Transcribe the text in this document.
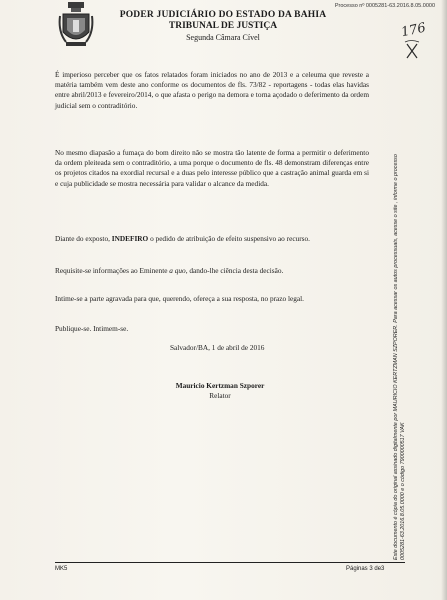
Processo nº 0005281-63.2016.8.05.0000
PODER JUDICIÁRIO DO ESTADO DA BAHIA
TRIBUNAL DE JUSTIÇA
Segunda Câmara Cível	176
É imperioso perceber que os fatos relatados foram iniciados no ano de 2013 e a celeuma que reveste a matéria também vem deste ano conforme os documentos de fls. 73/82 - reportagens - todas elas havidas entre abril/2013 e fevereiro/2014, o que afasta o perigo na demora e torna açodado o deferimento da ordem judicial sem o contraditório.
No mesmo diapasão a fumaça do bom direito não se mostra tão latente de forma a permitir o deferimento da ordem pleiteada sem o contraditório, a uma porque o documento de fls. 48 demonstram diferenças entre os projetos citados na exordial recursal e a duas pelo interesse público que a castração animal guarda em si e cuja publicidade se mostra necessária para validar o alcance da medida.
Diante do exposto, INDEFIRO o pedido de atribuição de efeito suspensivo ao recurso.
Requisite-se informações ao Eminente a quo, dando-lhe ciência desta decisão.
Intime-se a parte agravada para que, querendo, ofereça a sua resposta, no prazo legal.
Publique-se. Intimem-se.
Salvador/BA, 1 de abril de 2016
Mauricio Kertzman Szporer
Relator
MK5	Páginas 3 de3
Este documento é cópia do original assinado digitalmente por MAURICIO KERTZMAN SZPORER. Para acessar os autos processuais, acesse o site , informe o processo 0005281-63.2016.8.05.0000 e o código 7900000517 VAK
